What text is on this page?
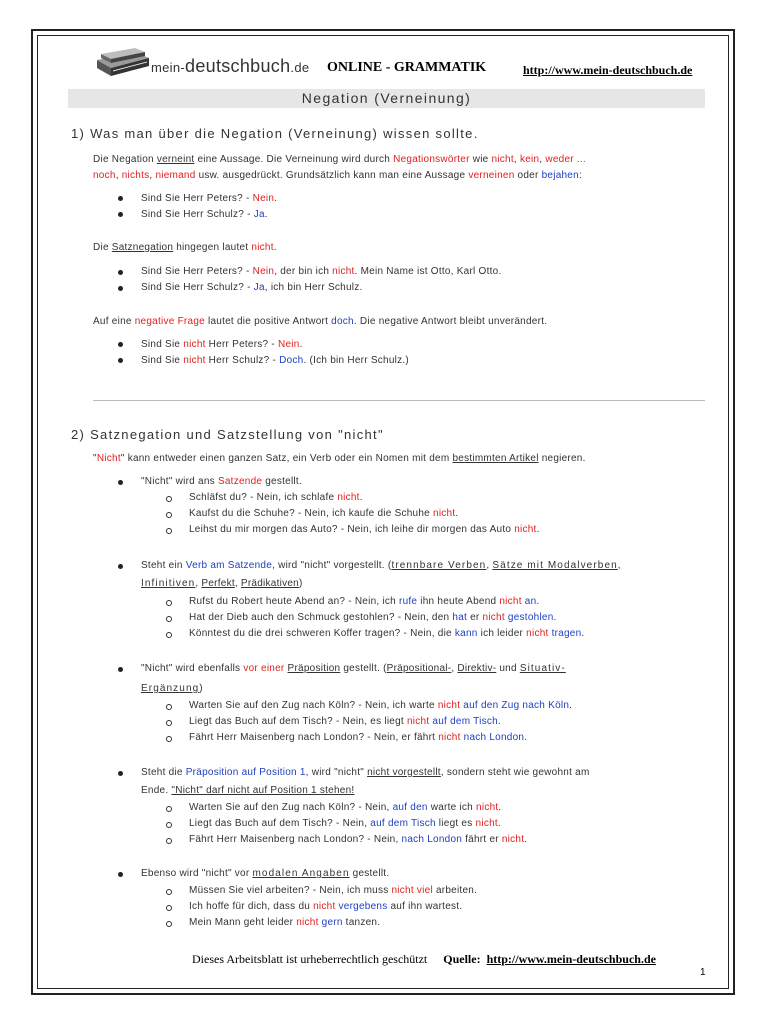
mein-deutschbuch.de ONLINE - GRAMMATIK	http://www.mein-deutschbuch.de
Negation (Verneinung)
1) Was man über die Negation (Verneinung) wissen sollte.
Die Negation verneint eine Aussage. Die Verneinung wird durch Negationswörter wie nicht, kein, weder ...
noch, nichts, niemand usw. ausgedrückt. Grundsätzlich kann man eine Aussage verneinen oder bejahen:
Sind Sie Herr Peters? - Nein.
Sind Sie Herr Schulz? - Ja.
Die Satznegation hingegen lautet nicht.
Sind Sie Herr Peters? - Nein, der bin ich nicht. Mein Name ist Otto, Karl Otto.
Sind Sie Herr Schulz? - Ja, ich bin Herr Schulz.
Auf eine negative Frage lautet die positive Antwort doch. Die negative Antwort bleibt unverändert.
Sind Sie nicht Herr Peters? - Nein.
Sind Sie nicht Herr Schulz? - Doch. (Ich bin Herr Schulz.)
2) Satznegation und Satzstellung von "nicht"
"Nicht" kann entweder einen ganzen Satz, ein Verb oder ein Nomen mit dem bestimmten Artikel negieren.
"Nicht" wird ans Satzende gestellt.
Schläfst du? - Nein, ich schlafe nicht.
Kaufst du die Schuhe? - Nein, ich kaufe die Schuhe nicht.
Leihst du mir morgen das Auto? - Nein, ich leihe dir morgen das Auto nicht.
Steht ein Verb am Satzende, wird "nicht" vorgestellt. (trennbare Verben, Sätze mit Modalverben,
Infinitiven, Perfekt, Prädikativen)
Rufst du Robert heute Abend an? - Nein, ich rufe ihn heute Abend nicht an.
Hat der Dieb auch den Schmuck gestohlen? - Nein, den hat er nicht gestohlen.
Könntest du die drei schweren Koffer tragen? - Nein, die kann ich leider nicht tragen.
"Nicht" wird ebenfalls vor einer Präposition gestellt. (Präpositional-, Direktiv- und Situativ-
Ergänzung)
Warten Sie auf den Zug nach Köln? - Nein, ich warte nicht auf den Zug nach Köln.
Liegt das Buch auf dem Tisch? - Nein, es liegt nicht auf dem Tisch.
Fährt Herr Maisenberg nach London? - Nein, er fährt nicht nach London.
Steht die Präposition auf Position 1, wird "nicht" nicht vorgestellt, sondern steht wie gewohnt am
Ende. "Nicht" darf nicht auf Position 1 stehen!
Warten Sie auf den Zug nach Köln? - Nein, auf den warte ich nicht.
Liegt das Buch auf dem Tisch? - Nein, auf dem Tisch liegt es nicht.
Fährt Herr Maisenberg nach London? - Nein, nach London fährt er nicht.
Ebenso wird "nicht" vor modalen Angaben gestellt.
Müssen Sie viel arbeiten? - Nein, ich muss nicht viel arbeiten.
Ich hoffe für dich, dass du nicht vergebens auf ihn wartest.
Mein Mann geht leider nicht gern tanzen.
Dieses Arbeitsblatt ist urheberrechtlich geschützt Quelle: http://www.mein-deutschbuch.de
1
